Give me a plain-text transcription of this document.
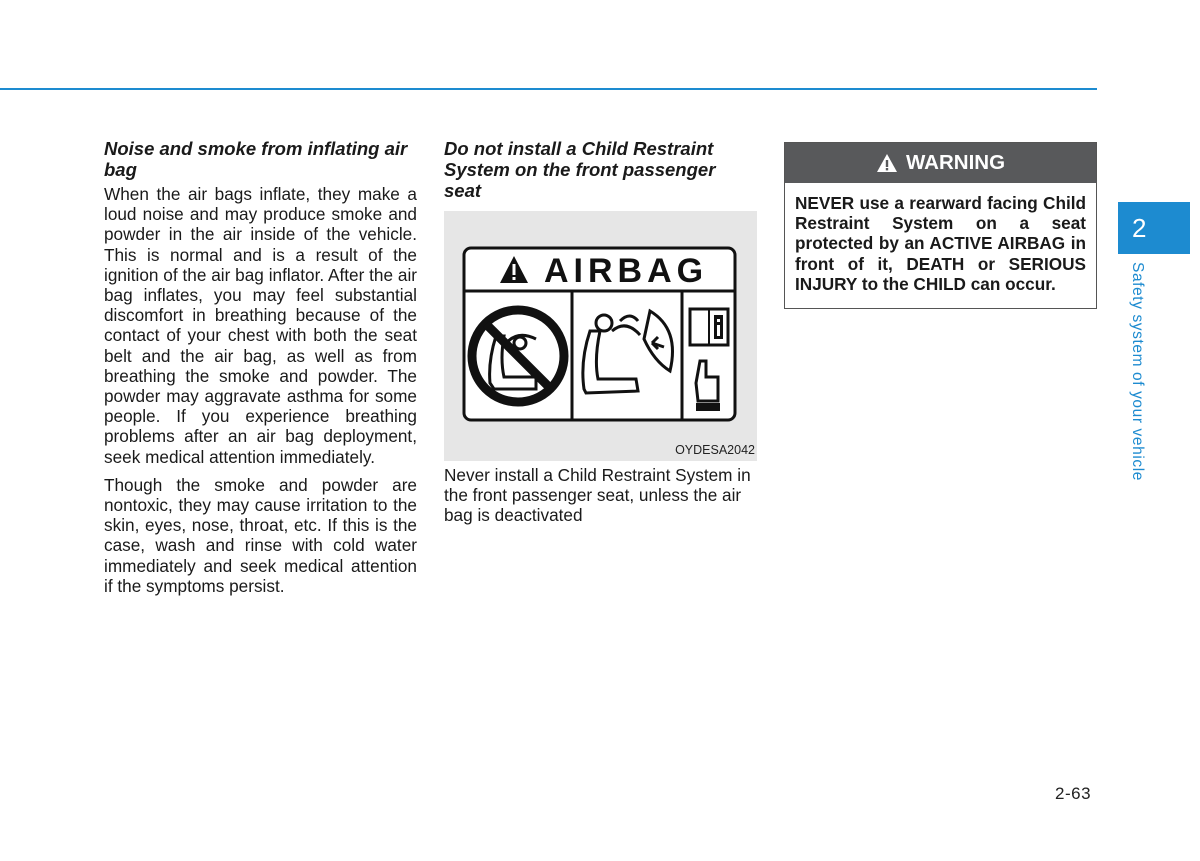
Noise and smoke from inflating air bag

When the air bags inflate, they make a loud noise and may produce smoke and powder in the air inside of the vehicle. This is normal and is a result of the ignition of the air bag inflator. After the air bag inflates, you may feel substantial discomfort in breathing because of the contact of your chest with both the seat belt and the air bag, as well as from breathing the smoke and powder. The powder may aggravate asthma for some people. If you experience breathing problems after an air bag deployment, seek medical attention immediately.

Though the smoke and powder are nontoxic, they may cause irritation to the skin, eyes, nose, throat, etc. If this is the case, wash and rinse with cold water immediately and seek medical attention if the symptoms persist.

Do not install a Child Restraint System on the front passenger seat
AIRBAG
OYDESA2042

Never install a Child Restraint System in the front passenger seat, unless the air bag is deactivated

WARNING
NEVER use a rearward facing Child Restraint System on a seat protected by an ACTIVE AIRBAG in front of it, DEATH or SERIOUS INJURY to the CHILD can occur.
2
Safety system of your vehicle
2-63
